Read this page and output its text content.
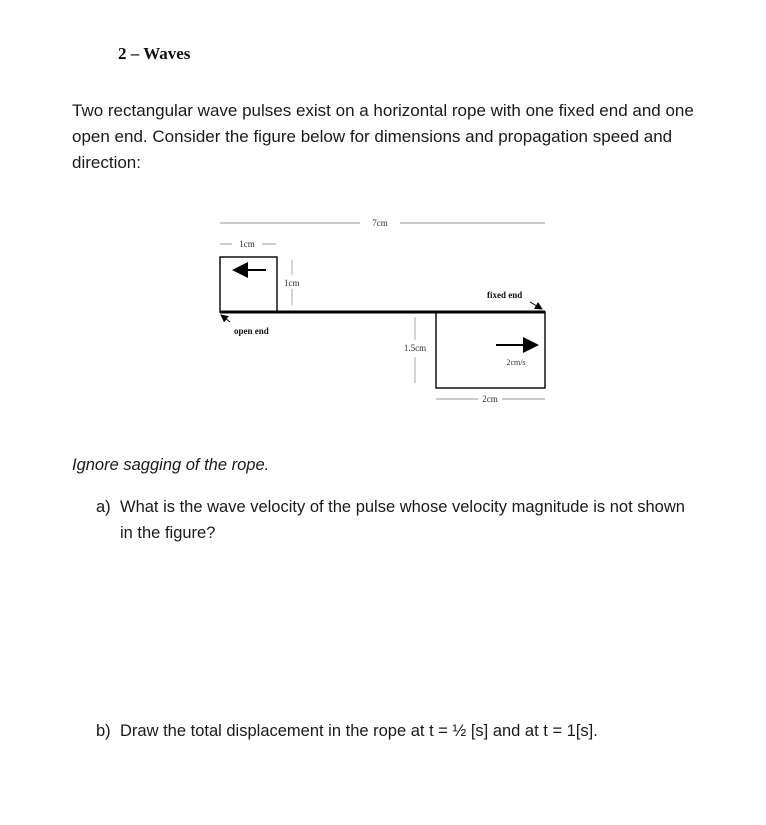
2 – Waves

Two rectangular wave pulses exist on a horizontal rope with one fixed end and one open end. Consider the figure below for dimensions and propagation speed and direction:

7cm
1cm
1cm
open end
fixed end
1.5cm
2cm/s
2cm
Ignore sagging of the rope.
a) What is the wave velocity of the pulse whose velocity magnitude is not shown in the figure?
b) Draw the total displacement in the rope at t = ½ [s] and at t = 1[s].
